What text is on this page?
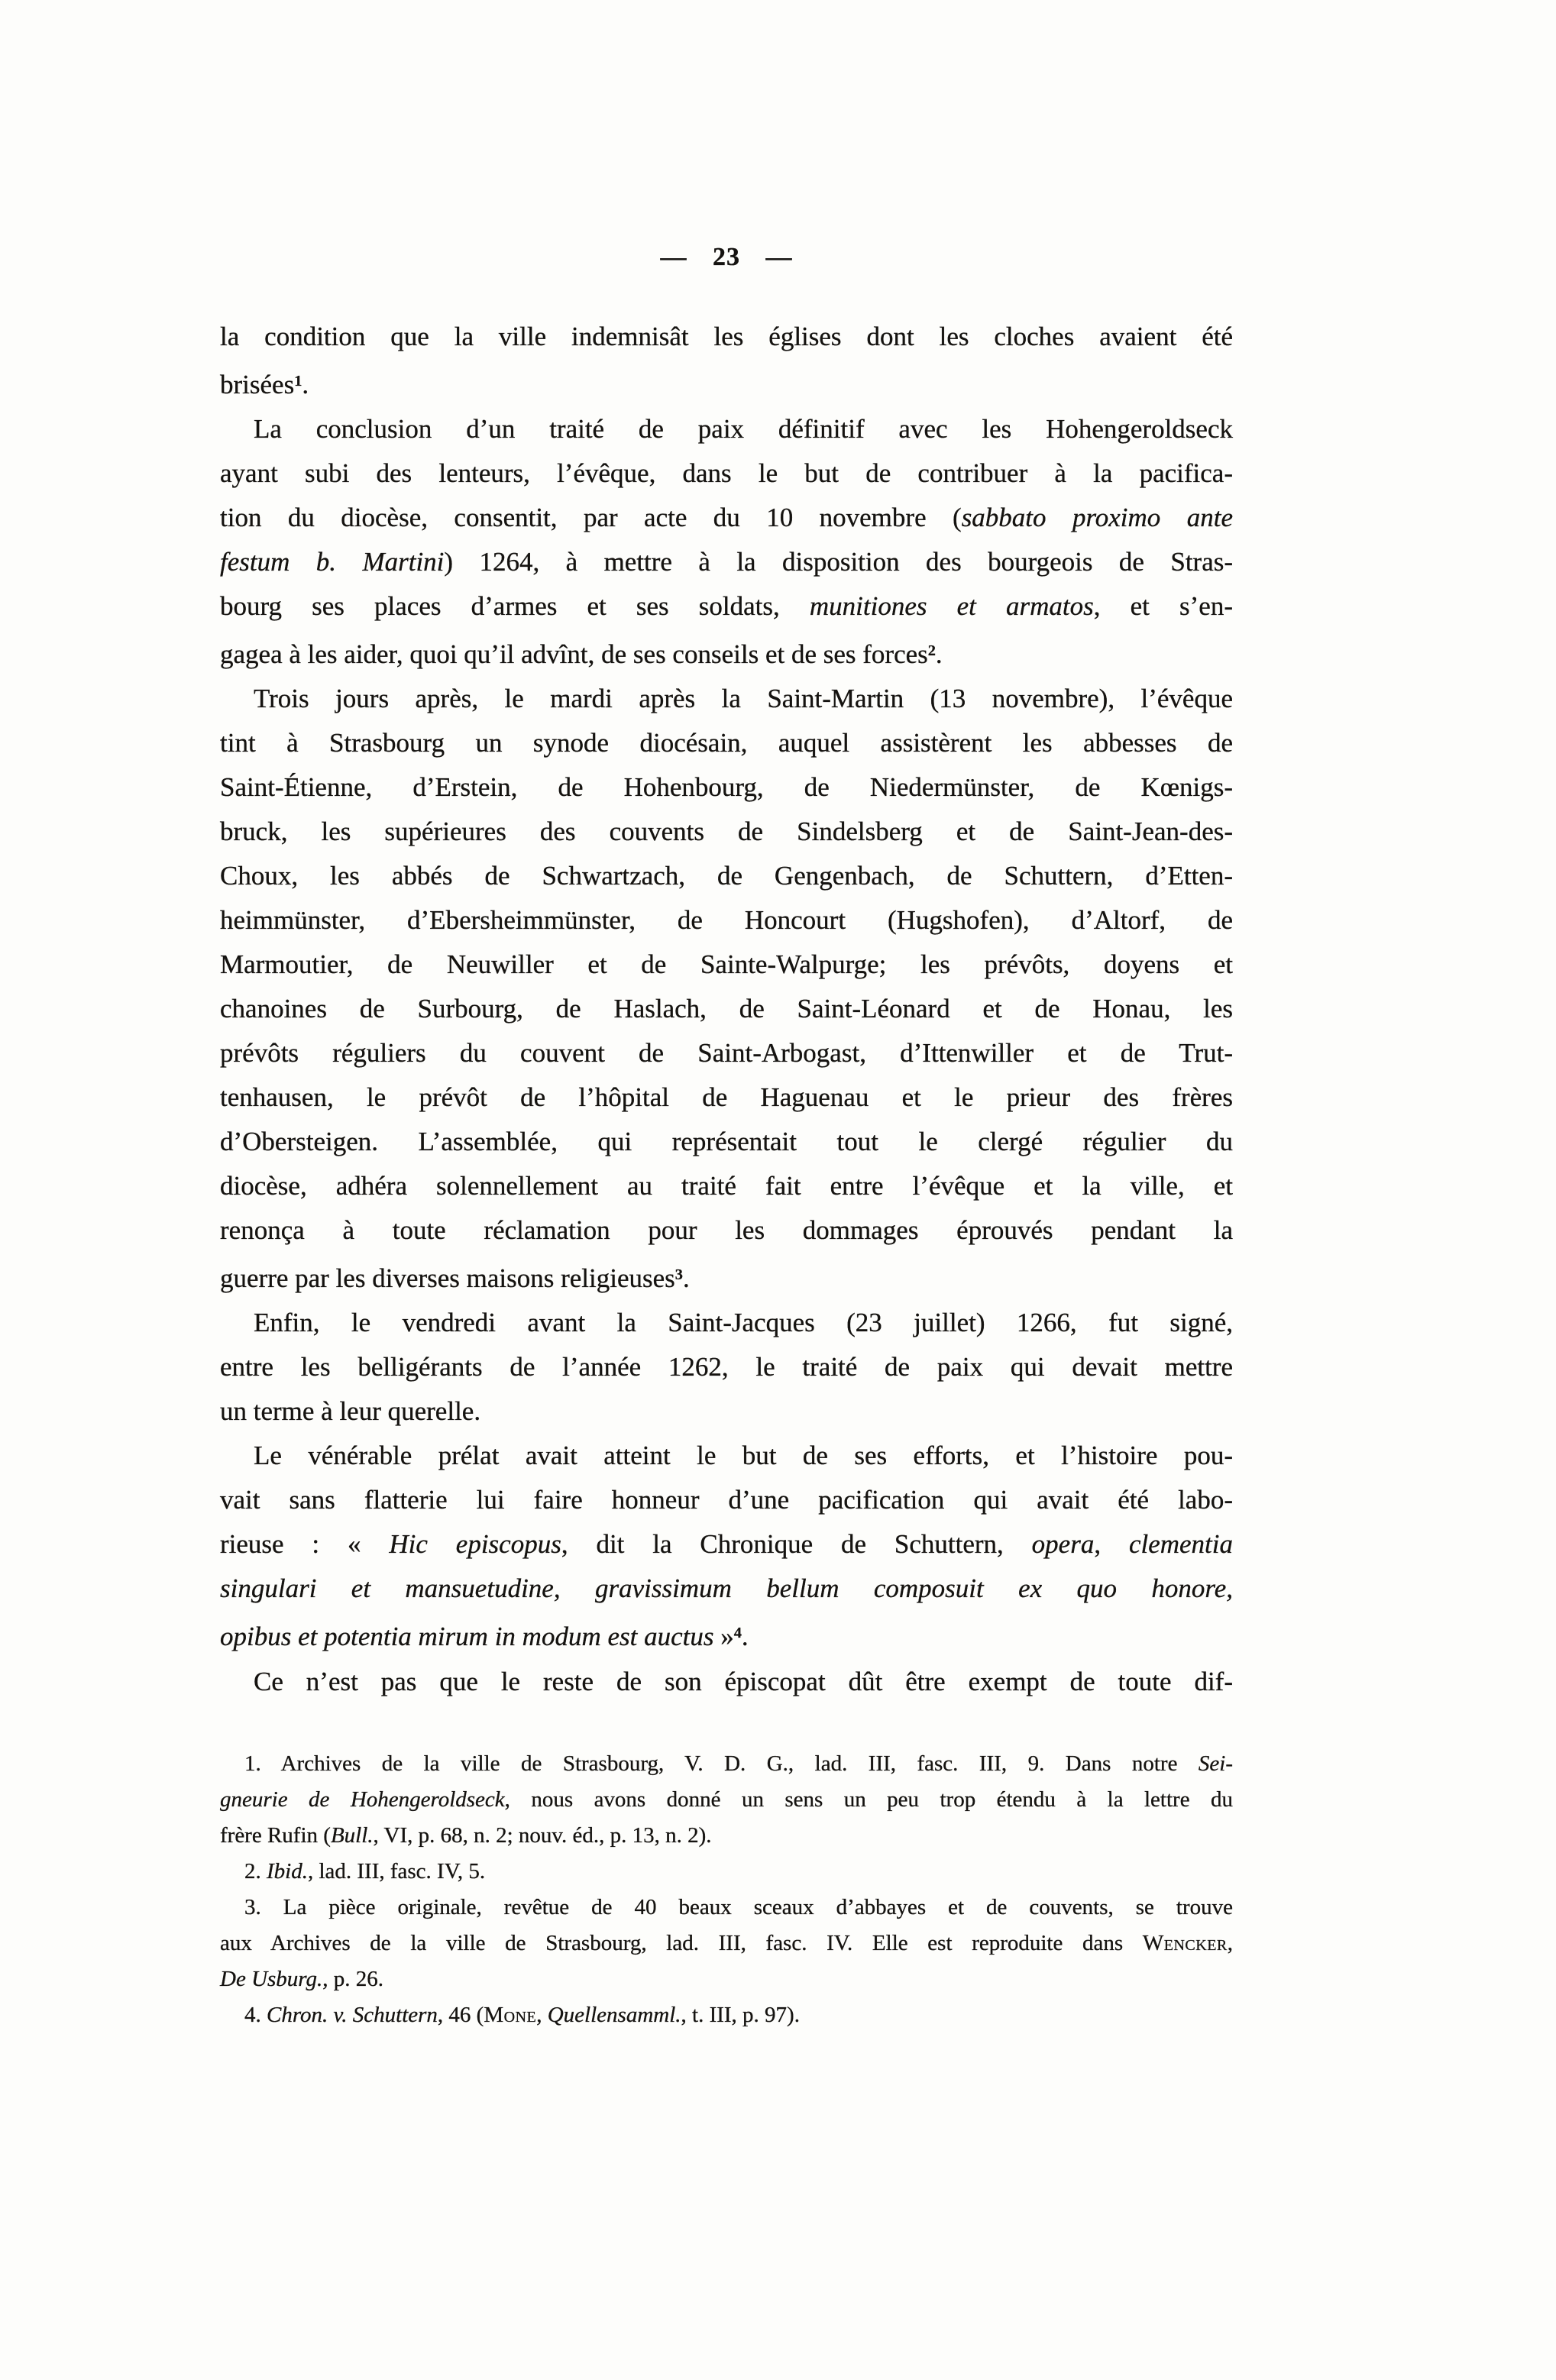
— 23 —
la condition que la ville indemnisât les églises dont les cloches avaient été
brisées$^1$.
La conclusion d’un traité de paix définitif avec les Hohengeroldseck
ayant subi des lenteurs, l’évêque, dans le but de contribuer à la pacifica-
tion du diocèse, consentit, par acte du 10 novembre (sabbato proximo ante
festum b. Martini) 1264, à mettre à la disposition des bourgeois de Stras-
bourg ses places d’armes et ses soldats, munitiones et armatos, et s’en-
gagea à les aider, quoi qu’il advînt, de ses conseils et de ses forces$^2$.
Trois jours après, le mardi après la Saint-Martin (13 novembre), l’évêque
tint à Strasbourg un synode diocésain, auquel assistèrent les abbesses de
Saint-Étienne, d’Erstein, de Hohenbourg, de Niedermünster, de Kœnigs-
bruck, les supérieures des couvents de Sindelsberg et de Saint-Jean-des-
Choux, les abbés de Schwartzach, de Gengenbach, de Schuttern, d’Etten-
heimmünster, d’Ebersheimmünster, de Honcourt (Hugshofen), d’Altorf, de
Marmoutier, de Neuwiller et de Sainte-Walpurge; les prévôts, doyens et
chanoines de Surbourg, de Haslach, de Saint-Léonard et de Honau, les
prévôts réguliers du couvent de Saint-Arbogast, d’Ittenwiller et de Trut-
tenhausen, le prévôt de l’hôpital de Haguenau et le prieur des frères
d’Obersteigen. L’assemblée, qui représentait tout le clergé régulier du
diocèse, adhéra solennellement au traité fait entre l’évêque et la ville, et
renonça à toute réclamation pour les dommages éprouvés pendant la
guerre par les diverses maisons religieuses$^3$.
Enfin, le vendredi avant la Saint-Jacques (23 juillet) 1266, fut signé,
entre les belligérants de l’année 1262, le traité de paix qui devait mettre
un terme à leur querelle.
Le vénérable prélat avait atteint le but de ses efforts, et l’histoire pou-
vait sans flatterie lui faire honneur d’une pacification qui avait été labo-
rieuse : « Hic episcopus, dit la Chronique de Schuttern, opera, clementia
singulari et mansuetudine, gravissimum bellum composuit ex quo honore,
opibus et potentia mirum in modum est auctus »$^4$.
Ce n’est pas que le reste de son épiscopat dût être exempt de toute dif-
1. Archives de la ville de Strasbourg, V. D. G., lad. III, fasc. III, 9. Dans notre Sei-
gneurie de Hohengeroldseck, nous avons donné un sens un peu trop étendu à la lettre du
frère Rufin (Bull., VI, p. 68, n. 2; nouv. éd., p. 13, n. 2).
2. Ibid., lad. III, fasc. IV, 5.
3. La pièce originale, revêtue de 40 beaux sceaux d’abbayes et de couvents, se trouve
aux Archives de la ville de Strasbourg, lad. III, fasc. IV. Elle est reproduite dans Wencker,
De Usburg., p. 26.
4. Chron. v. Schuttern, 46 (Mone, Quellensamml., t. III, p. 97).
